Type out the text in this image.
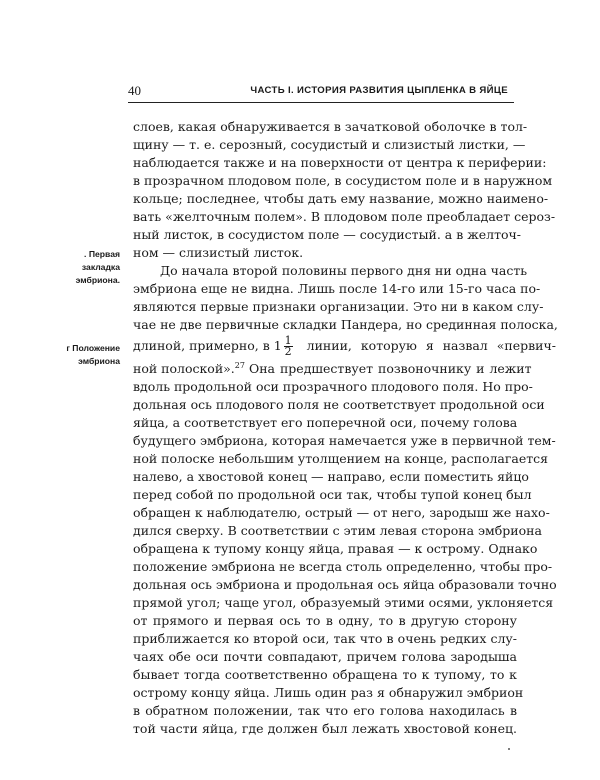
40	ЧАСТЬ I. ИСТОРИЯ РАЗВИТИЯ ЦЫПЛЕНКА В ЯЙЦЕ
. Первая
закладка
эмбриона.
г Положение
эмбриона
слоев, какая обнаруживается в зачатковой оболочке в тол-
щину — т. е. серозный, сосудистый и слизистый листки, —
наблюдается также и на поверхности от центра к периферии:
в прозрачном плодовом поле, в сосудистом поле и в наружном
кольце; последнее, чтобы дать ему название, можно наимено-
вать «желточным полем». В плодовом поле преобладает сероз-
ный листок, в сосудистом поле — сосудистый. а в желточ-
ном — слизистый листок.
До начала второй половины первого дня ни одна часть
эмбриона еще не видна. Лишь после 14-го или 15-го часа по-
являются первые признаки организации. Это ни в каком слу-
чае не две первичные складки Пандера, но срединная полоска,
длиной, примерно, в $1 \frac{1}{2}$ линии, которую я назвал «первич-
ной полоской».$^{27}$ Она предшествует позвоночнику и лежит
вдоль продольной оси прозрачного плодового поля. Но про-
дольная ось плодового поля не соответствует продольной оси
яйца, а соответствует его поперечной оси, почему голова
будущего эмбриона, которая намечается уже в первичной тем-
ной полоске небольшим утолщением на конце, располагается
налево, а хвостовой конец — направо, если поместить яйцо
перед собой по продольной оси так, чтобы тупой конец был
обращен к наблюдателю, острый — от него, зародыш же нахо-
дился сверху. В соответствии с этим левая сторона эмбриона
обращена к тупому концу яйца, правая — к острому. Однако
положение эмбриона не всегда столь определенно, чтобы про-
дольная ось эмбриона и продольная ось яйца образовали точно
прямой угол; чаще угол, образуемый этими осями, уклоняется
от прямого и первая ось то в одну, то в другую сторону
приближается ко второй оси, так что в очень редких слу-
чаях обе оси почти совпадают, причем голова зародыша
бывает тогда соответственно обращена то к тупому, то к
острому концу яйца. Лишь один раз я обнаружил эмбрион
в обратном положении, так что его голова находилась в
той части яйца, где должен был лежать хвостовой конец.
